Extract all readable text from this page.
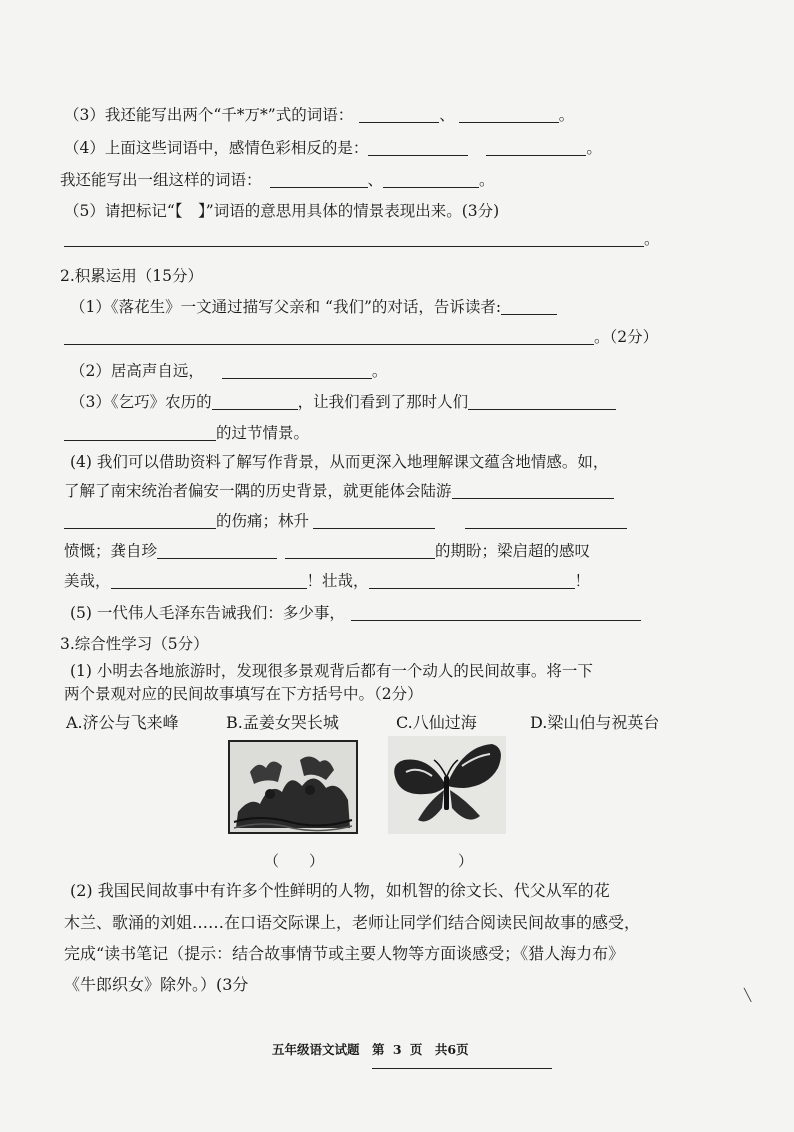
（3）我还能写出两个“千*万*”式的词语：	、	。
（4）上面这些词语中，感情色彩相反的是：	。
我还能写出一组这样的词语：	、	。
（5）请把标记“【　】”词语的意思用具体的情景表现出来。(3分)
。
2.积累运用（15分）
（1）《落花生》一文通过描写父亲和 “我们”的对话，告诉读者:
。（2分）
（2）居高声自远，	。
（3）《乞巧》农历的	，让我们看到了那时人们
的过节情景。
(4) 我们可以借助资料了解写作背景，从而更深入地理解课文蕴含地情感。如，
了解了南宋统治者偏安一隅的历史背景，就更能体会陆游
的伤痛；林升
愤慨；龚自珍	的期盼；梁启超的感叹
美哉，	！壮哉，	！
(5) 一代伟人毛泽东告诫我们：多少事，
3.综合性学习（5分）
(1) 小明去各地旅游时，发现很多景观背后都有一个动人的民间故事。将一下
两个景观对应的民间故事填写在下方括号中。（2分）
A.济公与飞来峰	B.孟姜女哭长城	C.八仙过海	D.梁山伯与祝英台
（　　）	）
(2) 我国民间故事中有许多个性鲜明的人物，如机智的徐文长、代父从军的花
木兰、歌涌的刘姐……在口语交际课上，老师让同学们结合阅读民间故事的感受，
完成“读书笔记（提示：结合故事情节或主要人物等方面谈感受；《猎人海力布》
《牛郎织女》除外。）(3分
╲
五年级语文试题　第 3 页　共6页
